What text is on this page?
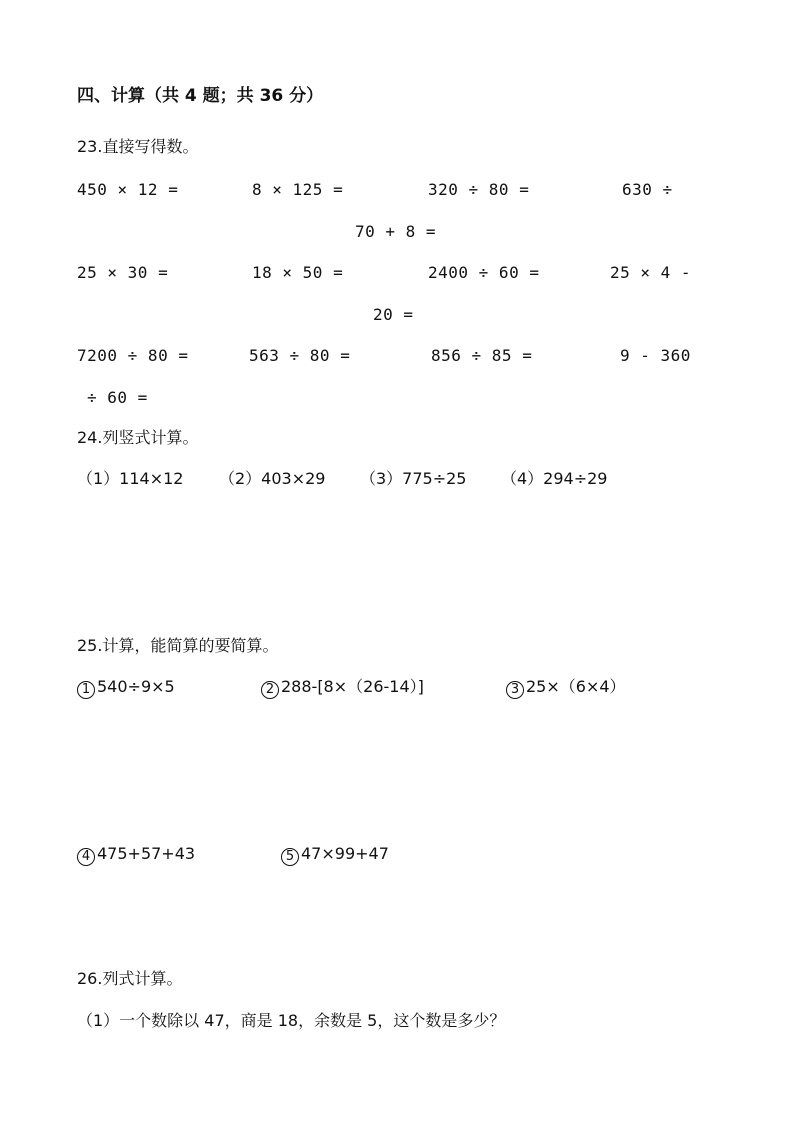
四、计算（共 4 题；共 36 分）
23.直接写得数。
450 × 12 =	8 × 125 =	320 ÷ 80 =	630 ÷
70 + 8 =
25 × 30 =	18 × 50 =	2400 ÷ 60 =	25 × 4 -
20 =
7200 ÷ 80 =	563 ÷ 80 =	856 ÷ 85 =	9 - 360
÷ 60 =
24.列竖式计算。
（1）114×12 （2）403×29 （3）775÷25 （4）294÷29
25.计算，能简算的要简算。
1 540÷9×5	2 288-[8×（26-14）]	3 25×（6×4）
4 475+57+43	5 47×99+47
26.列式计算。
（1）一个数除以 47，商是 18，余数是 5，这个数是多少？
